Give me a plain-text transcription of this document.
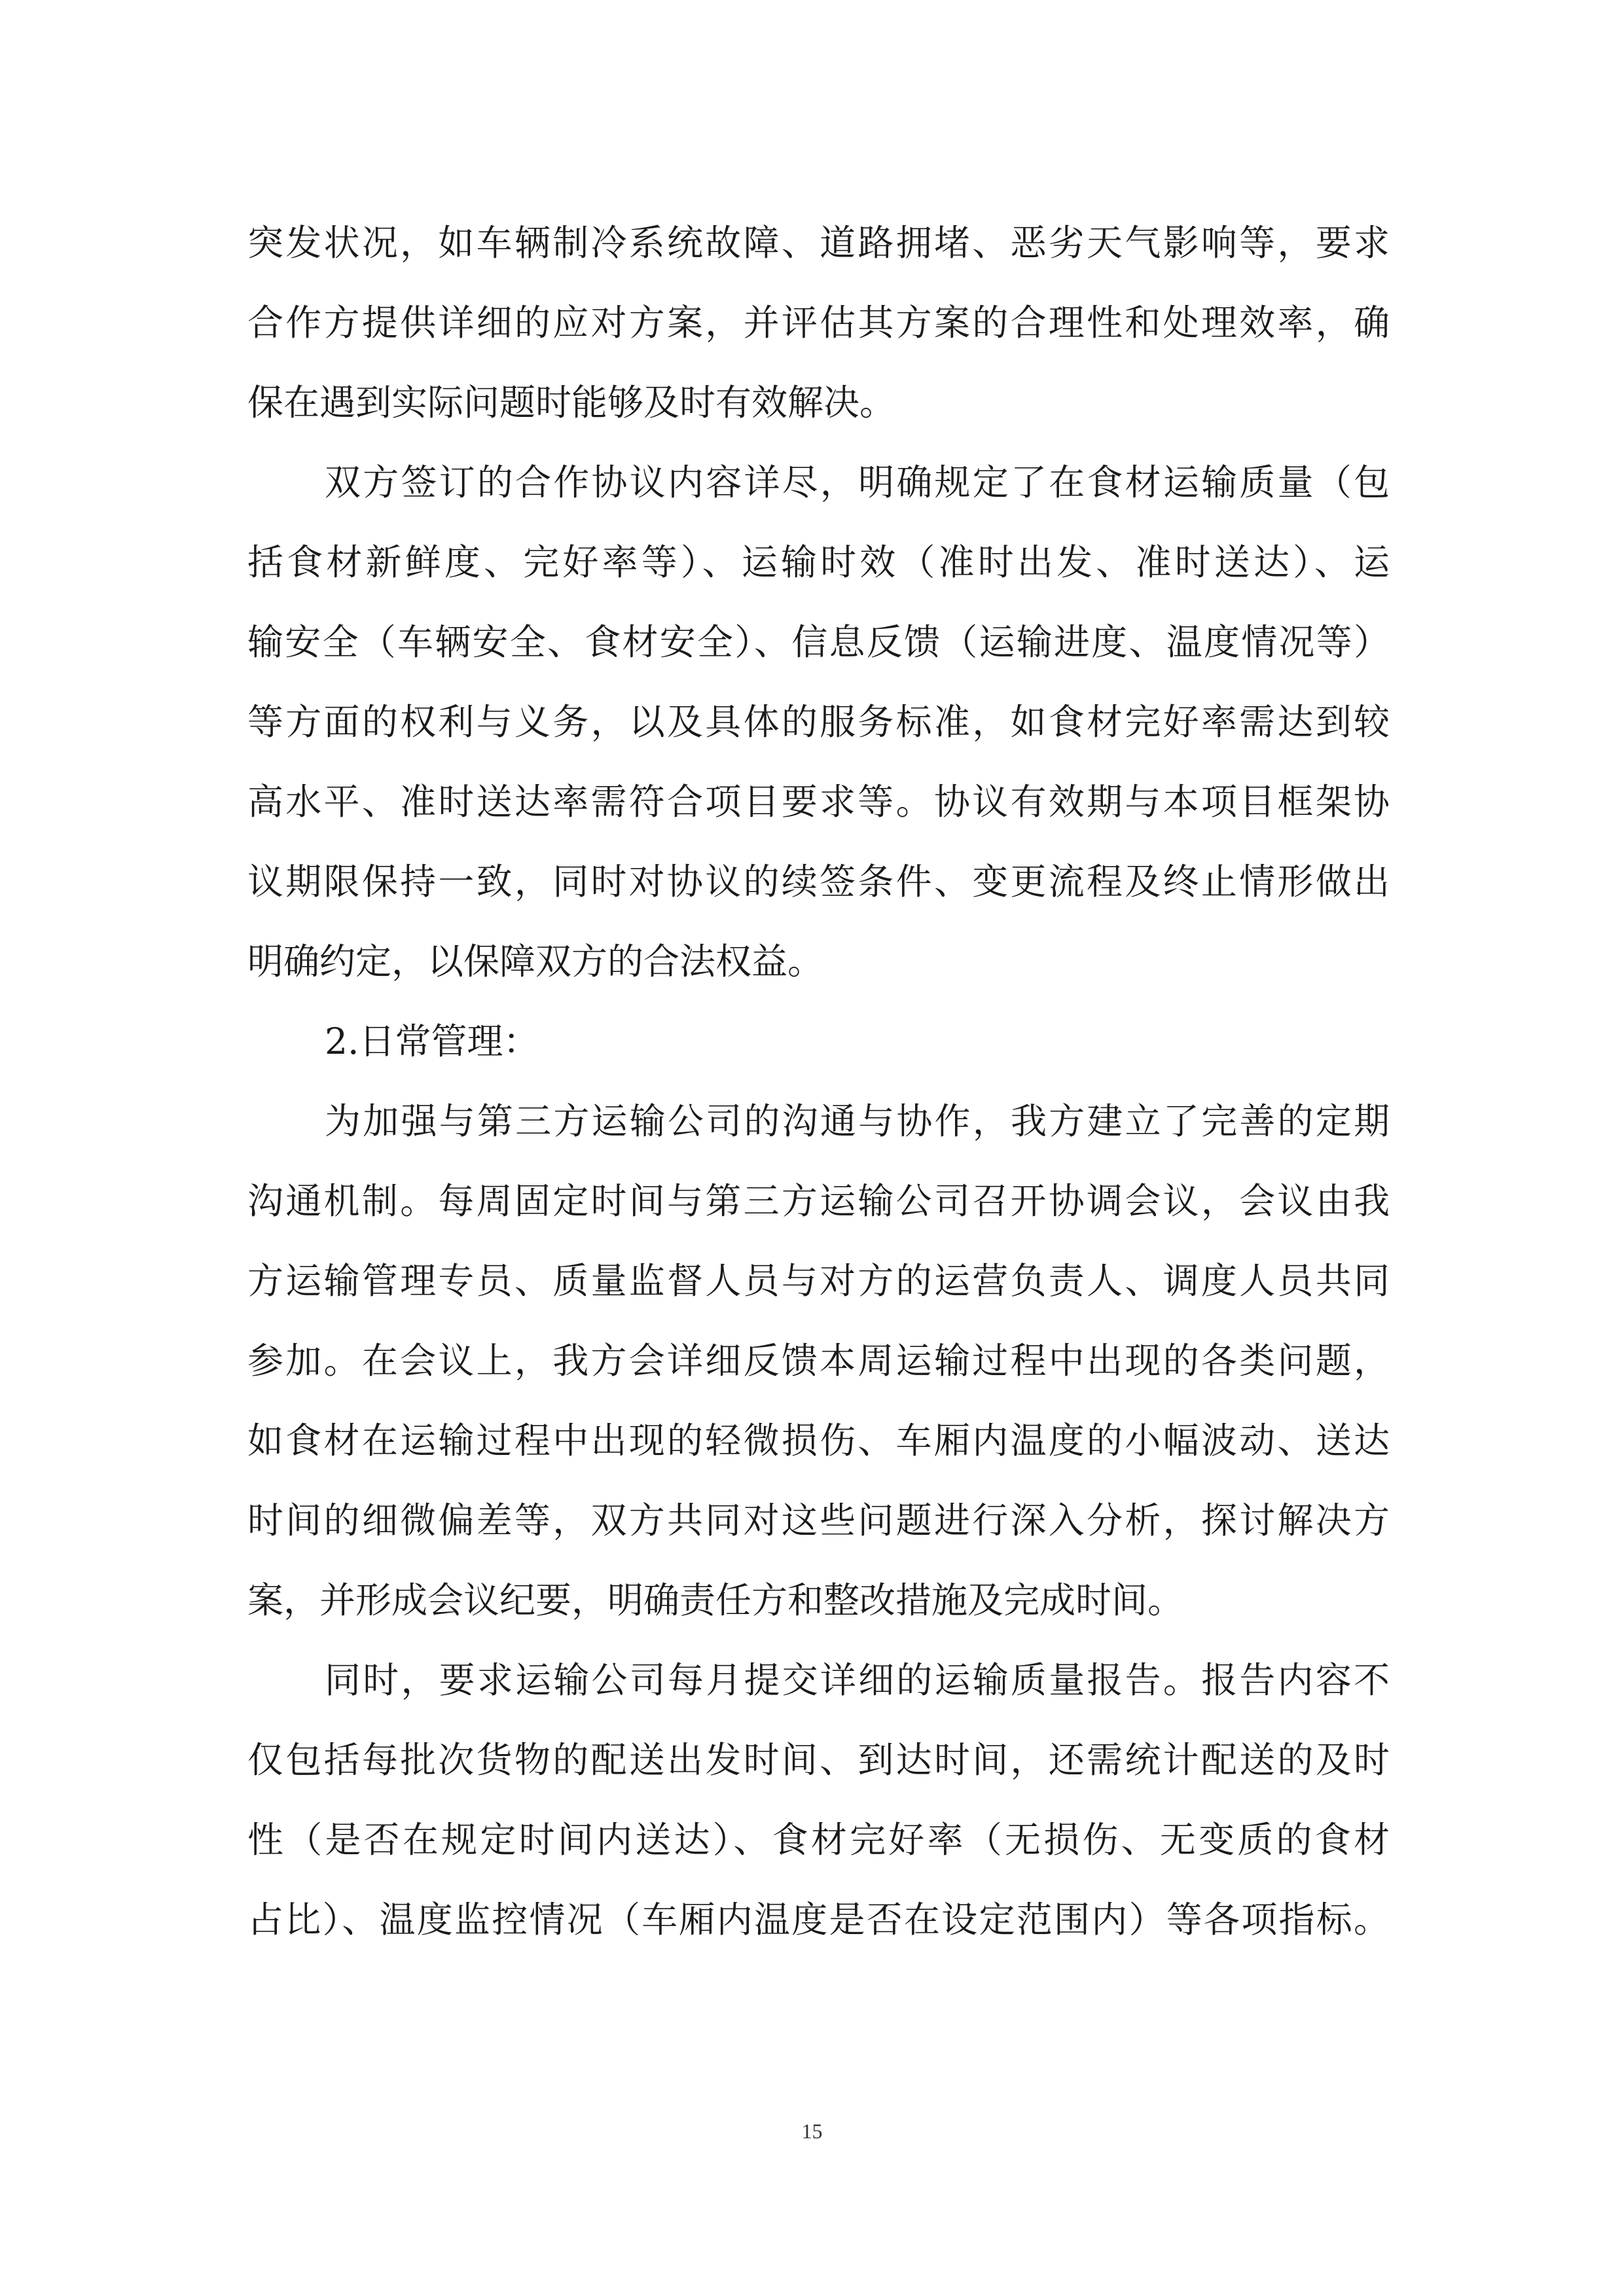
突发状况，如车辆制冷系统故障、道路拥堵、恶劣天气影响等，要求
合作方提供详细的应对方案，并评估其方案的合理性和处理效率，确
保在遇到实际问题时能够及时有效解决。
双方签订的合作协议内容详尽，明确规定了在食材运输质量（包
括食材新鲜度、完好率等）、运输时效（准时出发、准时送达）、运
输安全（车辆安全、食材安全）、信息反馈（运输进度、温度情况等）
等方面的权利与义务，以及具体的服务标准，如食材完好率需达到较
高水平、准时送达率需符合项目要求等。协议有效期与本项目框架协
议期限保持一致，同时对协议的续签条件、变更流程及终止情形做出
明确约定，以保障双方的合法权益。
2.日常管理：
为加强与第三方运输公司的沟通与协作，我方建立了完善的定期
沟通机制。每周固定时间与第三方运输公司召开协调会议，会议由我
方运输管理专员、质量监督人员与对方的运营负责人、调度人员共同
参加。在会议上，我方会详细反馈本周运输过程中出现的各类问题，
如食材在运输过程中出现的轻微损伤、车厢内温度的小幅波动、送达
时间的细微偏差等，双方共同对这些问题进行深入分析，探讨解决方
案，并形成会议纪要，明确责任方和整改措施及完成时间。
同时，要求运输公司每月提交详细的运输质量报告。报告内容不
仅包括每批次货物的配送出发时间、到达时间，还需统计配送的及时
性（是否在规定时间内送达）、食材完好率（无损伤、无变质的食材
占比）、温度监控情况（车厢内温度是否在设定范围内）等各项指标。
15
